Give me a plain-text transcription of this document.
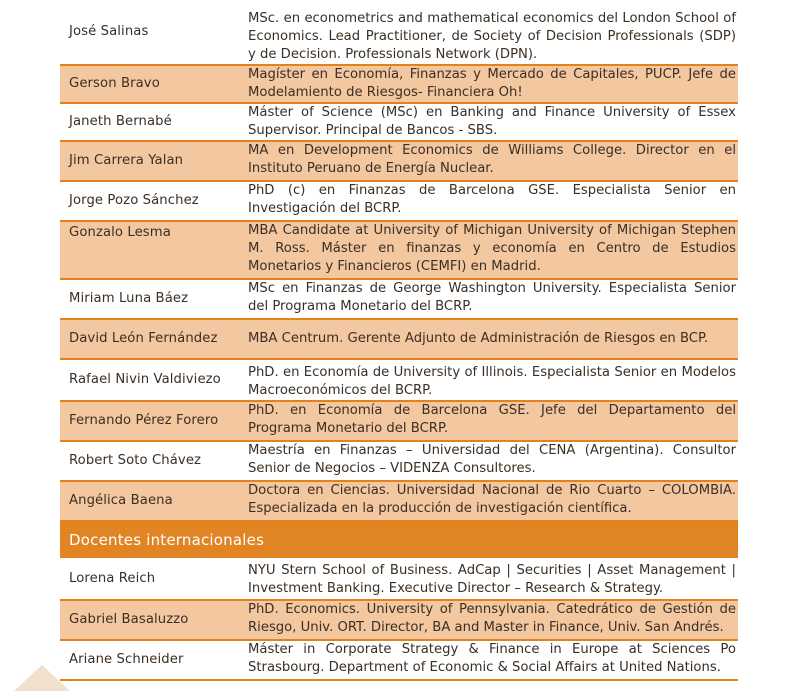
José Salinas	MSc. en econometrics and mathematical economics del London School of Economics. Lead Practitioner, de Society of Decision Professionals (SDP) y de Decision. Professionals Network (DPN).
Gerson Bravo	Magíster en Economía, Finanzas y Mercado de Capitales, PUCP. Jefe de Modelamiento de Riesgos- Financiera Oh!
Janeth Bernabé	Máster of Science (MSc) en Banking and Finance University of Essex Supervisor. Principal de Bancos - SBS.
Jim Carrera Yalan	MA en Development Economics de Williams College. Director en el Instituto Peruano de Energía Nuclear.
Jorge Pozo Sánchez	PhD (c) en Finanzas de Barcelona GSE. Especialista Senior en Investigación del BCRP.
Gonzalo Lesma	MBA Candidate at University of Michigan University of Michigan Stephen M. Ross. Máster en finanzas y economía en Centro de Estudios Monetarios y Financieros (CEMFI) en Madrid.
Miriam Luna Báez	MSc en Finanzas de George Washington University. Especialista Senior del Programa Monetario del BCRP.
David León Fernández	MBA Centrum. Gerente Adjunto de Administración de Riesgos en BCP.
Rafael Nivin Valdiviezo	PhD. en Economía de University of Illinois. Especialista Senior en Modelos Macroeconómicos del BCRP.
Fernando Pérez Forero	PhD. en Economía de Barcelona GSE. Jefe del Departamento del Programa Monetario del BCRP.
Robert Soto Chávez	Maestría en Finanzas – Universidad del CENA (Argentina). Consultor Senior de Negocios – VIDENZA Consultores.
Angélica Baena	Doctora en Ciencias. Universidad Nacional de Rio Cuarto – COLOMBIA. Especializada en la producción de investigación científica.
Docentes internacionales	
Lorena Reich	NYU Stern School of Business. AdCap | Securities | Asset Management | Investment Banking. Executive Director – Research & Strategy.
Gabriel Basaluzzo	PhD. Economics. University of Pennsylvania. Catedrático de Gestión de Riesgo, Univ. ORT. Director, BA and Master in Finance, Univ. San Andrés.
Ariane Schneider	Máster in Corporate Strategy & Finance in Europe at Sciences Po Strasbourg. Department of Economic & Social Affairs at United Nations.
